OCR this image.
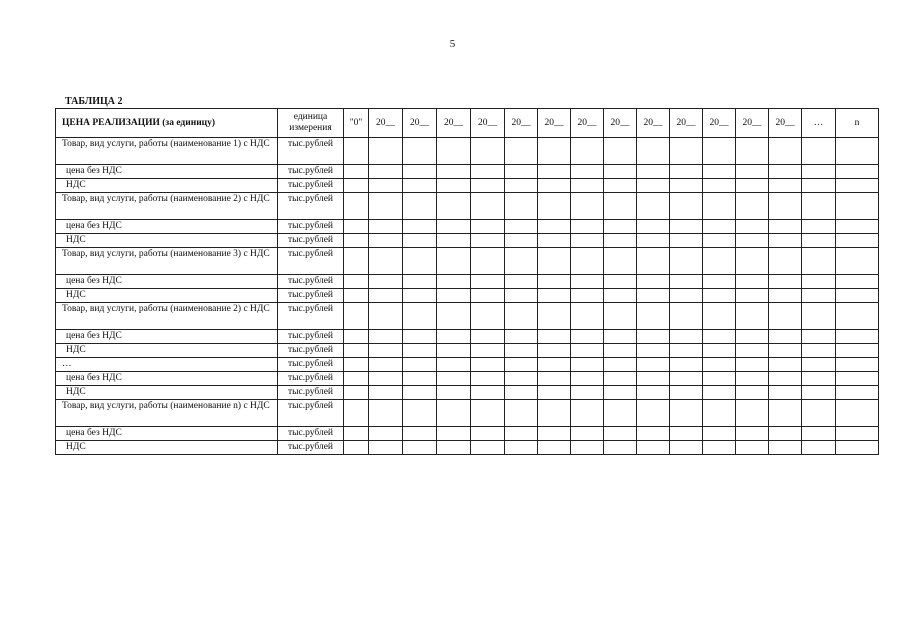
5
ТАБЛИЦА 2
ЦЕНА РЕАЛИЗАЦИИ (за единицу)	единица измерения	"0"	20__	20__	20__	20__	20__	20__	20__	20__	20__	20__	20__	20__	20__	…	n
Товар, вид услуги, работы (наименование 1) с НДС	тыс.рублей																
цена без НДС	тыс.рублей																
НДС	тыс.рублей																
Товар, вид услуги, работы (наименование 2) с НДС	тыс.рублей																
цена без НДС	тыс.рублей																
НДС	тыс.рублей																
Товар, вид услуги, работы (наименование 3) с НДС	тыс.рублей																
цена без НДС	тыс.рублей																
НДС	тыс.рублей																
Товар, вид услуги, работы (наименование 2) с НДС	тыс.рублей																
цена без НДС	тыс.рублей																
НДС	тыс.рублей																
…	тыс.рублей																
цена без НДС	тыс.рублей																
НДС	тыс.рублей																
Товар, вид услуги, работы (наименование n) с НДС	тыс.рублей																
цена без НДС	тыс.рублей																
НДС	тыс.рублей																
